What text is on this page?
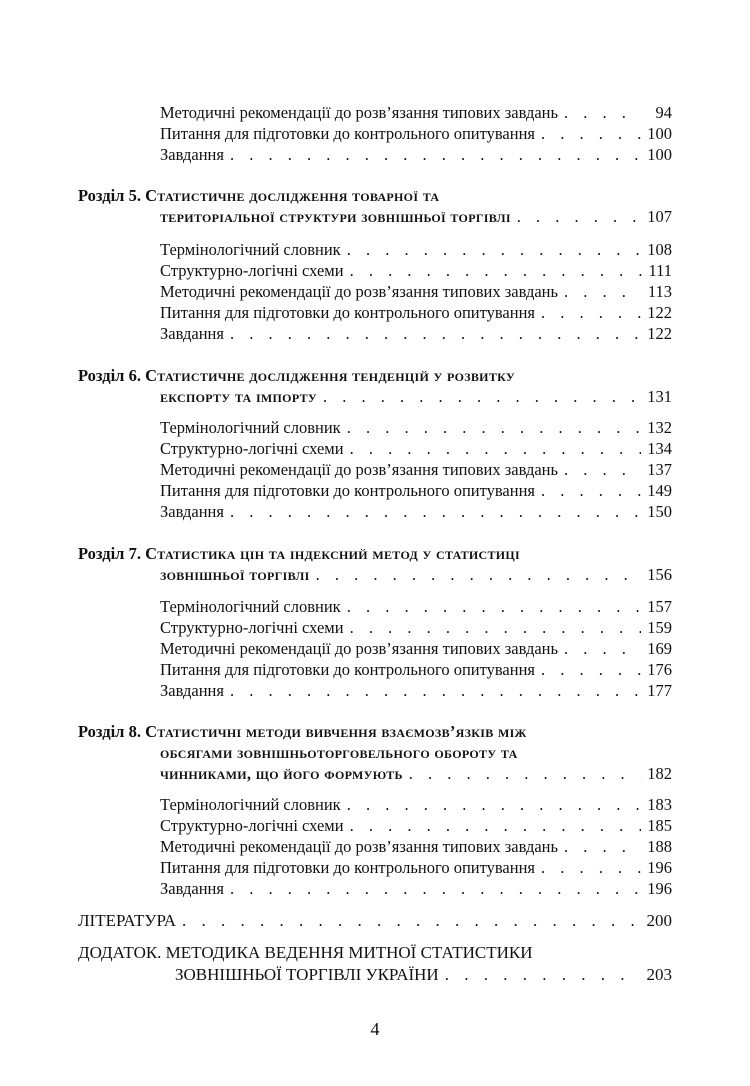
Методичні рекомендації до розв’язання типових завдань . . .	94
Питання для підготовки до контрольного опитування . . .	100
Завдання . . .	100
Розділ 5.
Статистичне дослідження товарної та
територіальної структури зовнішньої торгівлі . . .	107
Термінологічний словник . . .	108
Структурно-логічні схеми . . .	111
Методичні рекомендації до розв’язання типових завдань . . .	113
Питання для підготовки до контрольного опитування . . .	122
Завдання . . .	122
Розділ 6.
Статистичне дослідження тенденцій у розвитку
експорту та імпорту . . .	131
Термінологічний словник . . .	132
Структурно-логічні схеми . . .	134
Методичні рекомендації до розв’язання типових завдань . . .	137
Питання для підготовки до контрольного опитування . . .	149
Завдання . . .	150
Розділ 7.
Статистика цін та індексний метод у статистиці
зовнішньої торгівлі . . .	156
Термінологічний словник . . .	157
Структурно-логічні схеми . . .	159
Методичні рекомендації до розв’язання типових завдань . . .	169
Питання для підготовки до контрольного опитування . . .	176
Завдання . . .	177
Розділ 8.
Статистичні методи вивчення взаємозв’язків між
обсягами зовнішньоторговельного обороту та
чинниками, що його формують . . .	182
Термінологічний словник . . .	183
Структурно-логічні схеми . . .	185
Методичні рекомендації до розв’язання типових завдань . . .	188
Питання для підготовки до контрольного опитування . . .	196
Завдання . . .	196
ЛІТЕРАТУРА . . .	200
ДОДАТОК. МЕТОДИКА ВЕДЕННЯ МИТНОЇ СТАТИСТИКИ
ЗОВНІШНЬОЇ ТОРГІВЛІ УКРАЇНИ . . .	203
4
